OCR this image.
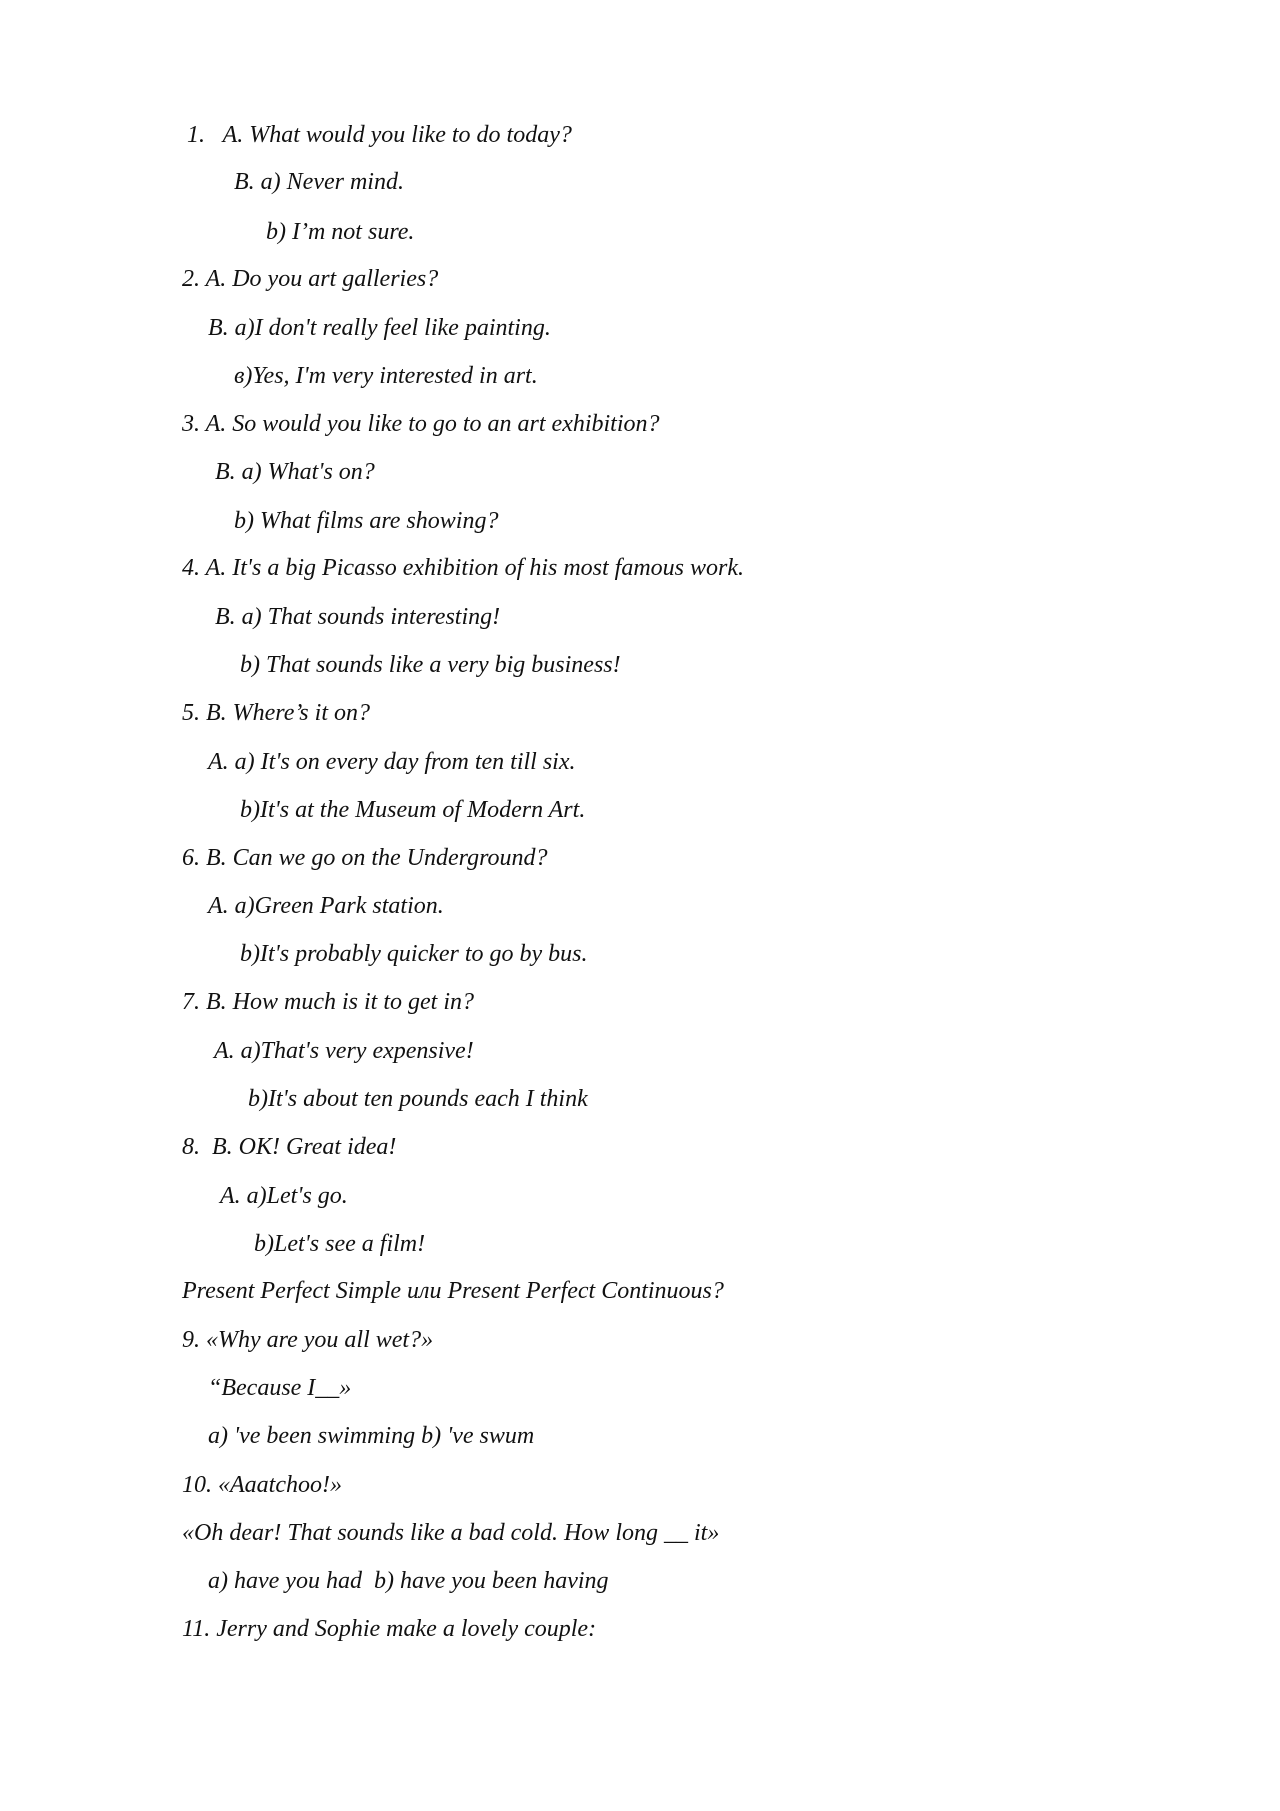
1.   A. What would you like to do today?
B. a) Never mind.
b) I’m not sure.
2. A. Do you art galleries?
B. a)I don't really feel like painting.
в)Yes, I'm very interested in art.
3. A. So would you like to go to an art exhibition?
B. a) What's on?
b) What films are showing?
4. A. It's a big Picasso exhibition of his most famous work.
B. a) That sounds interesting!
b) That sounds like a very big business!
5. B. Where’s it on?
A. a) It's on every day from ten till six.
b)It's at the Museum of Modern Art.
6. B. Can we go on the Underground?
A. a)Green Park station.
b)It's probably quicker to go by bus.
7. B. How much is it to get in?
A. a)That's very expensive!
b)It's about ten pounds each I think
8.  B. OK! Great idea!
A. a)Let's go.
b)Let's see a film!
Present Perfect Simple или Present Perfect Continuous?
9. «Why are you all wet?»
“Because I__»
a) 've been swimming b) 've swum
10. «Aaatchoo!»
«Oh dear! That sounds like a bad cold. How long __ it»
a) have you had  b) have you been having
11. Jerry and Sophie make a lovely couple:
